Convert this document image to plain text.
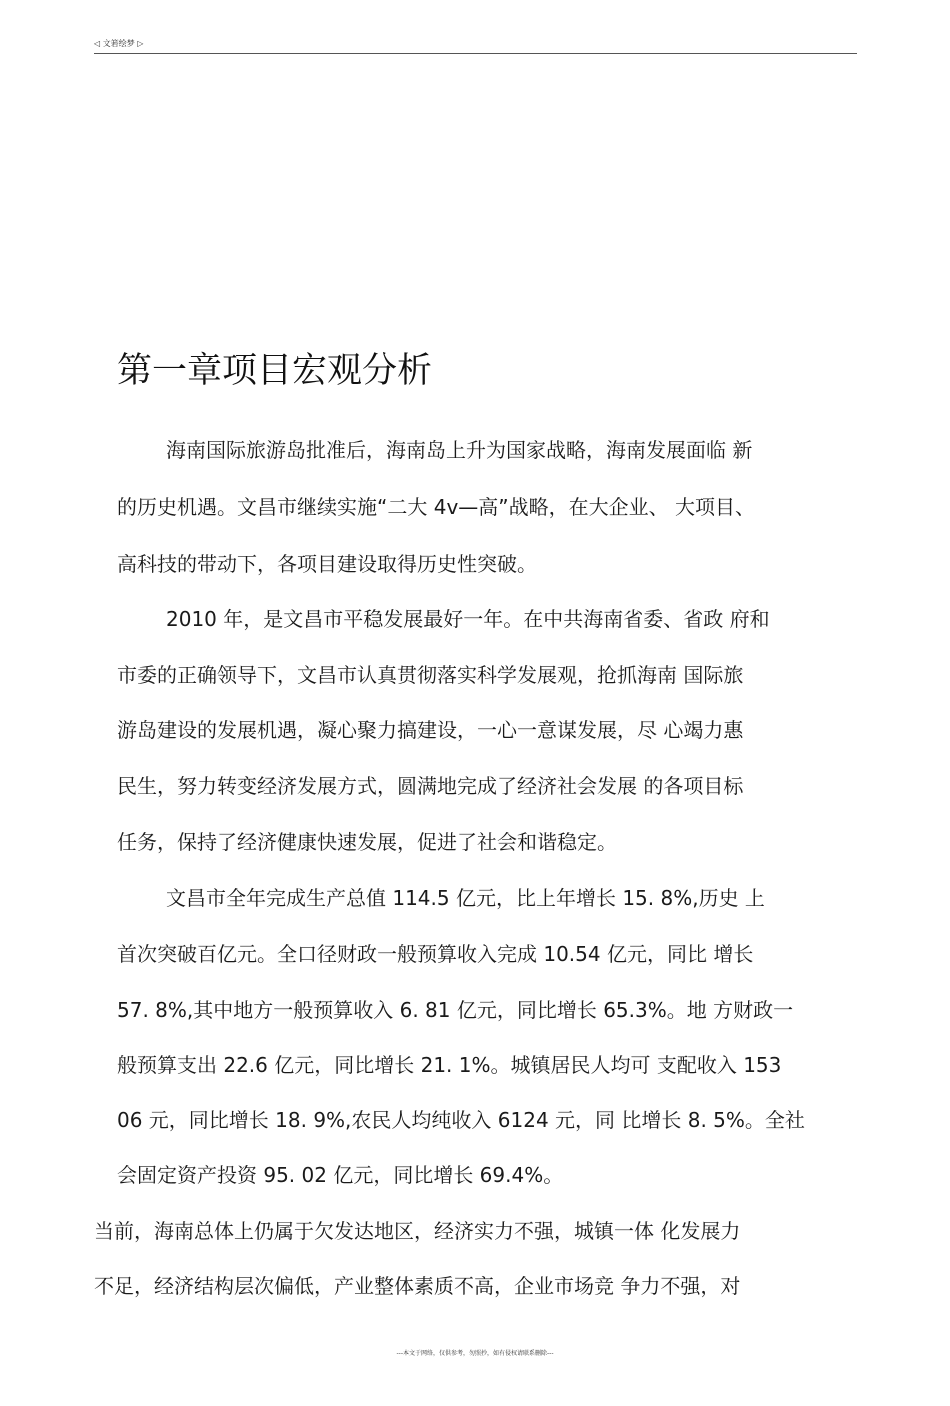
◁ 文箬绘梦 ▷
第一章项目宏观分析
海南国际旅游岛批准后，海南岛上升为国家战略，海南发展面临 新
的历史机遇。文昌市继续实施“二大 4v—高”战略，在大企业、 大项目、
高科技的带动下，各项目建设取得历史性突破。
2010 年，是文昌市平稳发展最好一年。在中共海南省委、省政 府和
市委的正确领导下，文昌市认真贯彻落实科学发展观，抢抓海南 国际旅
游岛建设的发展机遇，凝心聚力搞建设，一心一意谋发展，尽 心竭力惠
民生，努力转变经济发展方式，圆满地完成了经济社会发展 的各项目标
任务，保持了经济健康快速发展，促进了社会和谐稳定。
文昌市全年完成生产总值 114.5 亿元，比上年增长 15. 8%,历史 上
首次突破百亿元。全口径财政一般预算收入完成 10.54 亿元，同比 增长
57. 8%,其中地方一般预算收入 6. 81 亿元，同比增长 65.3%。地 方财政一
般预算支出 22.6 亿元，同比增长 21. 1%。城镇居民人均可 支配收入 153
06 元，同比增长 18. 9%,农民人均纯收入 6124 元，同 比增长 8. 5%。全社
会固定资产投资 95. 02 亿元，同比增长 69.4%。
当前，海南总体上仍属于欠发达地区，经济实力不强，城镇一体 化发展力
不足，经济结构层次偏低，产业整体素质不高，企业市场竞 争力不强，对
---本文于网络，仅供参考，勿照抄，如有侵权请联系删除---
